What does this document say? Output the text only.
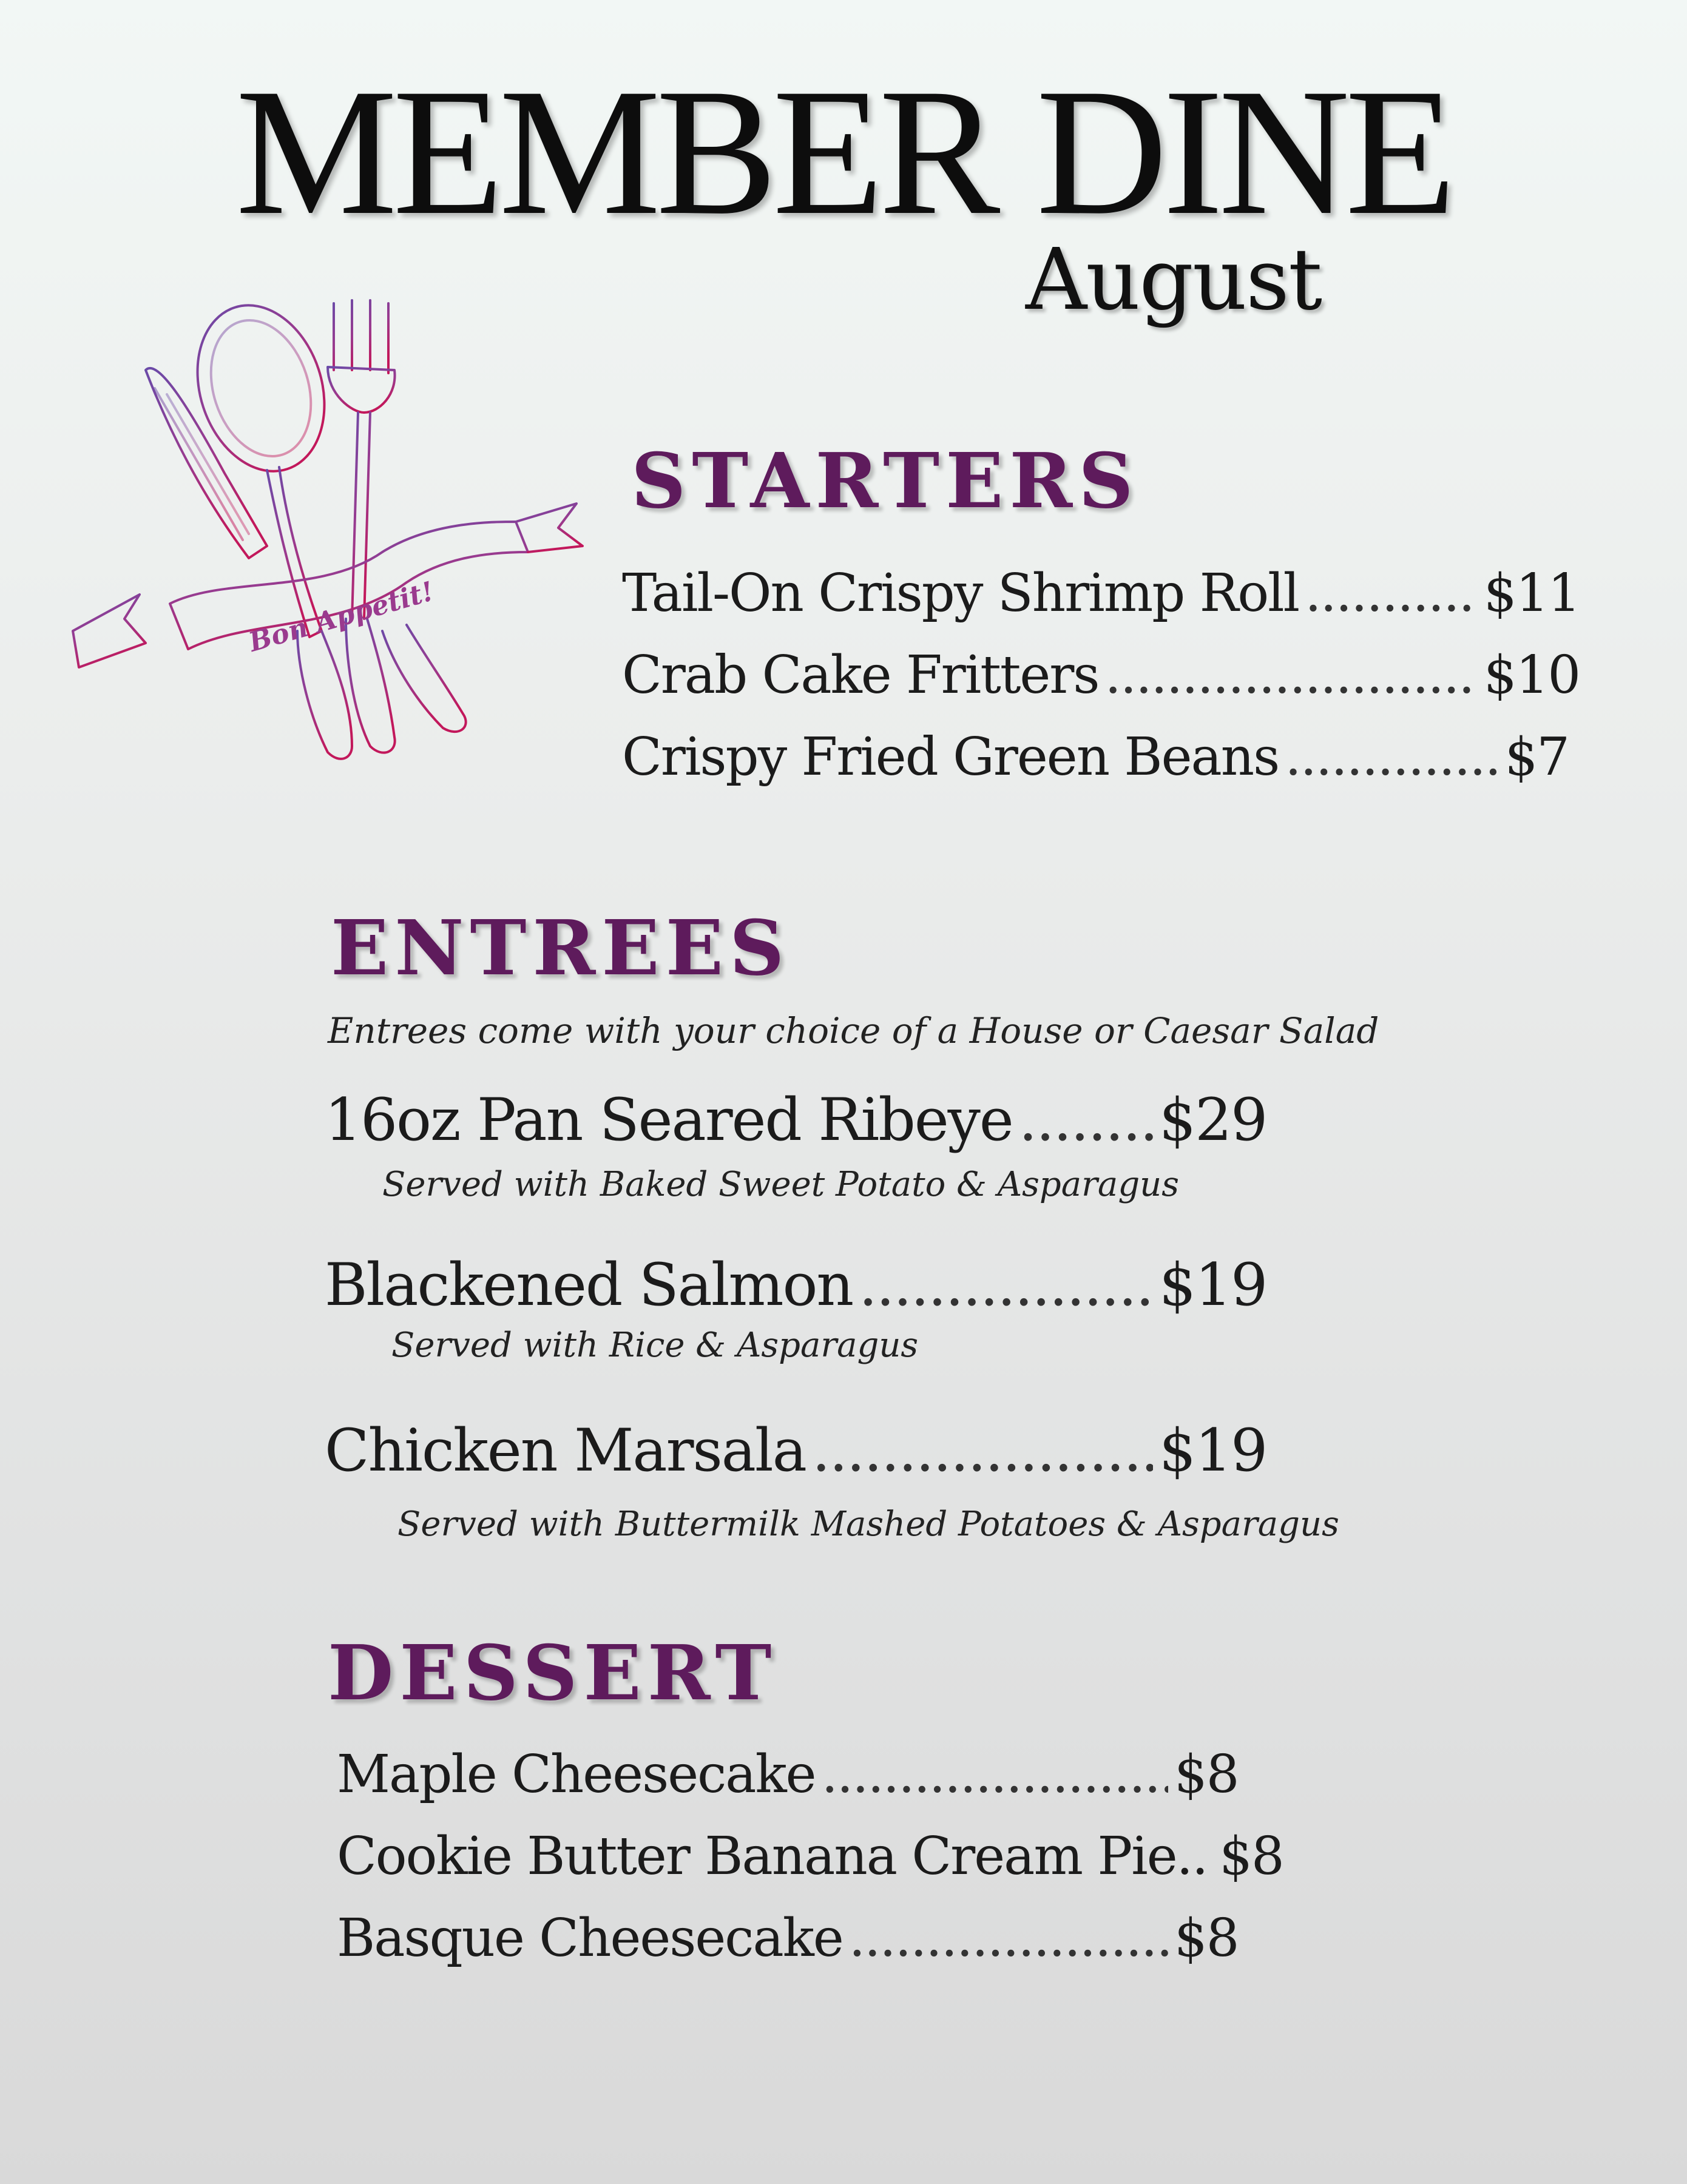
MEMBER DINE
August
Bon Appetit!
STARTERS
Tail-On Crispy Shrimp Roll .....	$11
Crab Cake Fritters .....	$10
Crispy Fried Green Beans .....	$7
ENTREES
Entrees come with your choice of a House or Caesar Salad
16oz Pan Seared Ribeye .....	$29
Served with Baked Sweet Potato & Asparagus
Blackened Salmon .....	$19
Served with Rice & Asparagus
Chicken Marsala .....	$19
Served with Buttermilk Mashed Potatoes & Asparagus
DESSERT
Maple Cheesecake .....	$8
Cookie Butter Banana Cream Pie.. $8
Basque Cheesecake .....	$8
